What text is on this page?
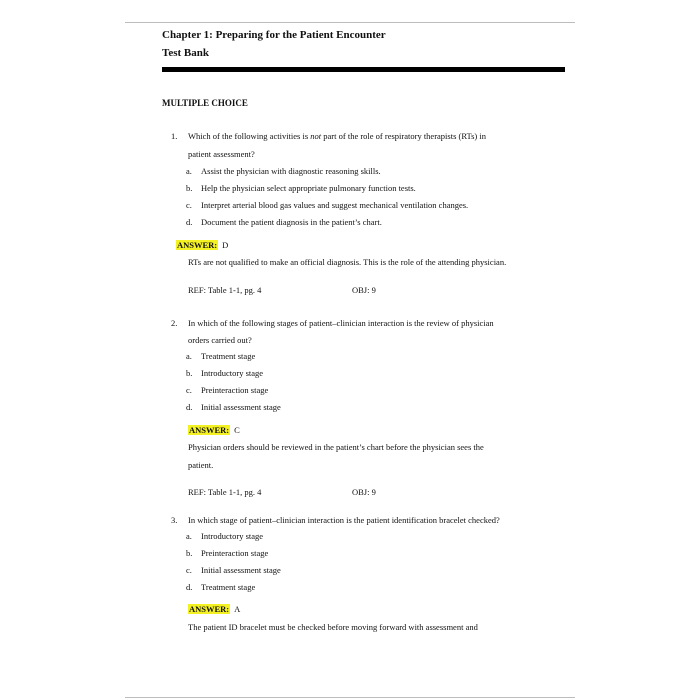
Chapter 1: Preparing for the Patient Encounter
Test Bank
MULTIPLE CHOICE
1. Which of the following activities is not part of the role of respiratory therapists (RTs) in
patient assessment?
a.	Assist the physician with diagnostic reasoning skills.
b.	Help the physician select appropriate pulmonary function tests.
c.	Interpret arterial blood gas values and suggest mechanical ventilation changes.
d.	Document the patient diagnosis in the patient’s chart.
ANSWER: D
RTs are not qualified to make an official diagnosis. This is the role of the attending physician.
REF: Table 1-1, pg. 4	OBJ: 9
2. In which of the following stages of patient–clinician interaction is the review of physician
orders carried out?
a.	Treatment stage
b.	Introductory stage
c.	Preinteraction stage
d.	Initial assessment stage
ANSWER: C
Physician orders should be reviewed in the patient’s chart before the physician sees the
patient.
REF: Table 1-1, pg. 4	OBJ: 9
3. In which stage of patient–clinician interaction is the patient identification bracelet checked?
a.	Introductory stage
b.	Preinteraction stage
c.	Initial assessment stage
d.	Treatment stage
ANSWER: A
The patient ID bracelet must be checked before moving forward with assessment and
